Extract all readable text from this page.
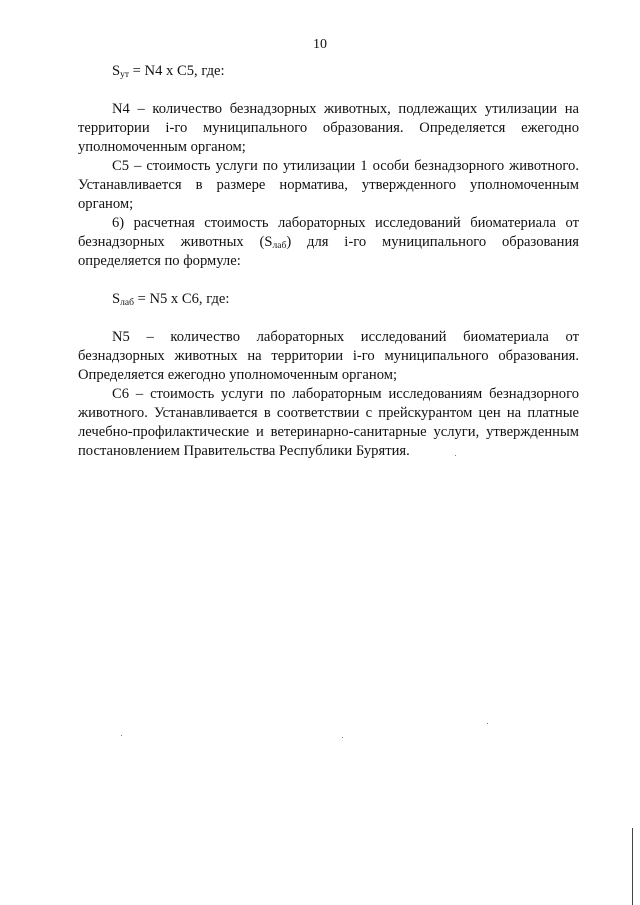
10

$S_{ут} = N4$ x C5, где:

N4 – количество безнадзорных животных, подлежащих утилизации на территории i-го муниципального образования. Определяется ежегодно уполномоченным органом;

C5 – стоимость услуги по утилизации 1 особи безнадзорного животного. Устанавливается в размере норматива, утвержденного уполномоченным органом;

6) расчетная стоимость лабораторных исследований биоматериала от безнадзорных животных $(S_{лаб})$ для i-го муниципального образования определяется по формуле:

$S_{лаб} = N5$ x C6, где:

N5 – количество лабораторных исследований биоматериала от безнадзорных животных на территории i-го муниципального образования. Определяется ежегодно уполномоченным органом;

C6 – стоимость услуги по лабораторным исследованиям безнадзорного животного. Устанавливается в соответствии с прейскурантом цен на платные лечебно-профилактические и ветеринарно-санитарные услуги, утвержденным постановлением Правительства Республики Бурятия.
